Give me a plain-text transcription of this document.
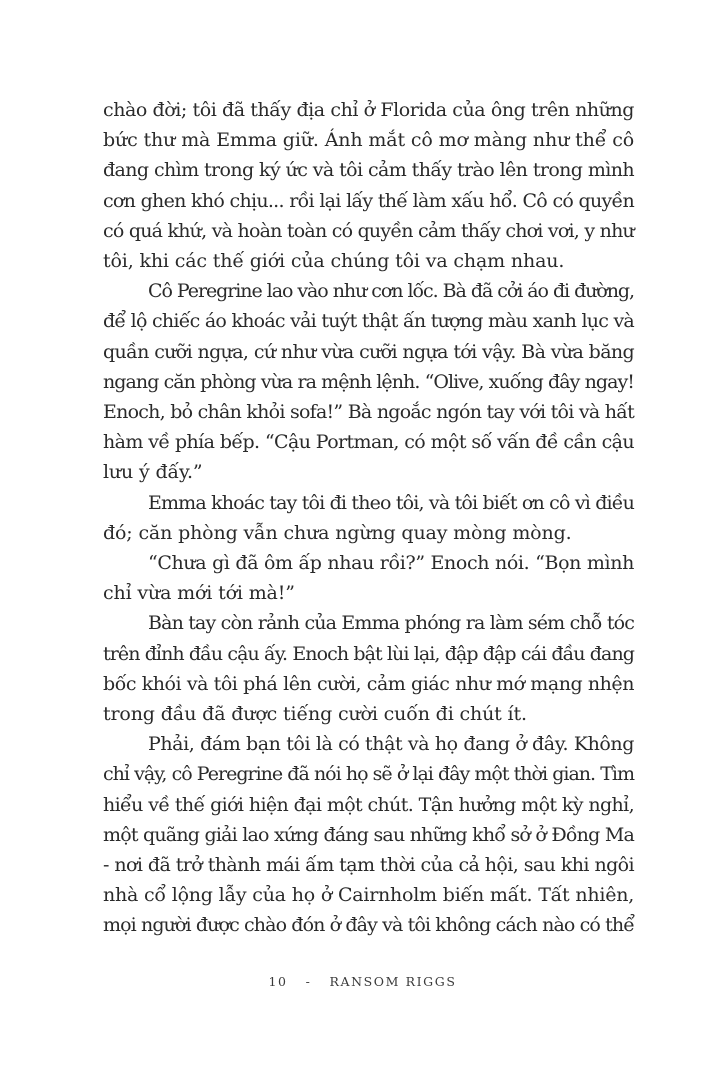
chào đời; tôi đã thấy địa chỉ ở Florida của ông trên những
bức thư mà Emma giữ. Ánh mắt cô mơ màng như thể cô
đang chìm trong ký ức và tôi cảm thấy trào lên trong mình
cơn ghen khó chịu... rồi lại lấy thế làm xấu hổ. Cô có quyền
có quá khứ, và hoàn toàn có quyền cảm thấy chơi vơi, y như
tôi, khi các thế giới của chúng tôi va chạm nhau.
Cô Peregrine lao vào như cơn lốc. Bà đã cởi áo đi đường,
để lộ chiếc áo khoác vải tuýt thật ấn tượng màu xanh lục và
quần cưỡi ngựa, cứ như vừa cưỡi ngựa tới vậy. Bà vừa băng
ngang căn phòng vừa ra mệnh lệnh. “Olive, xuống đây ngay!
Enoch, bỏ chân khỏi sofa!” Bà ngoắc ngón tay với tôi và hất
hàm về phía bếp. “Cậu Portman, có một số vấn đề cần cậu
lưu ý đấy.”
Emma khoác tay tôi đi theo tôi, và tôi biết ơn cô vì điều
đó; căn phòng vẫn chưa ngừng quay mòng mòng.
“Chưa gì đã ôm ấp nhau rồi?” Enoch nói. “Bọn mình
chỉ vừa mới tới mà!”
Bàn tay còn rảnh của Emma phóng ra làm sém chỗ tóc
trên đỉnh đầu cậu ấy. Enoch bật lùi lại, đập đập cái đầu đang
bốc khói và tôi phá lên cười, cảm giác như mớ mạng nhện
trong đầu đã được tiếng cười cuốn đi chút ít.
Phải, đám bạn tôi là có thật và họ đang ở đây. Không
chỉ vậy, cô Peregrine đã nói họ sẽ ở lại đây một thời gian. Tìm
hiểu về thế giới hiện đại một chút. Tận hưởng một kỳ nghỉ,
một quãng giải lao xứng đáng sau những khổ sở ở Đồng Ma
- nơi đã trở thành mái ấm tạm thời của cả hội, sau khi ngôi
nhà cổ lộng lẫy của họ ở Cairnholm biến mất. Tất nhiên,
mọi người được chào đón ở đây và tôi không cách nào có thể
10 - RANSOM RIGGS
